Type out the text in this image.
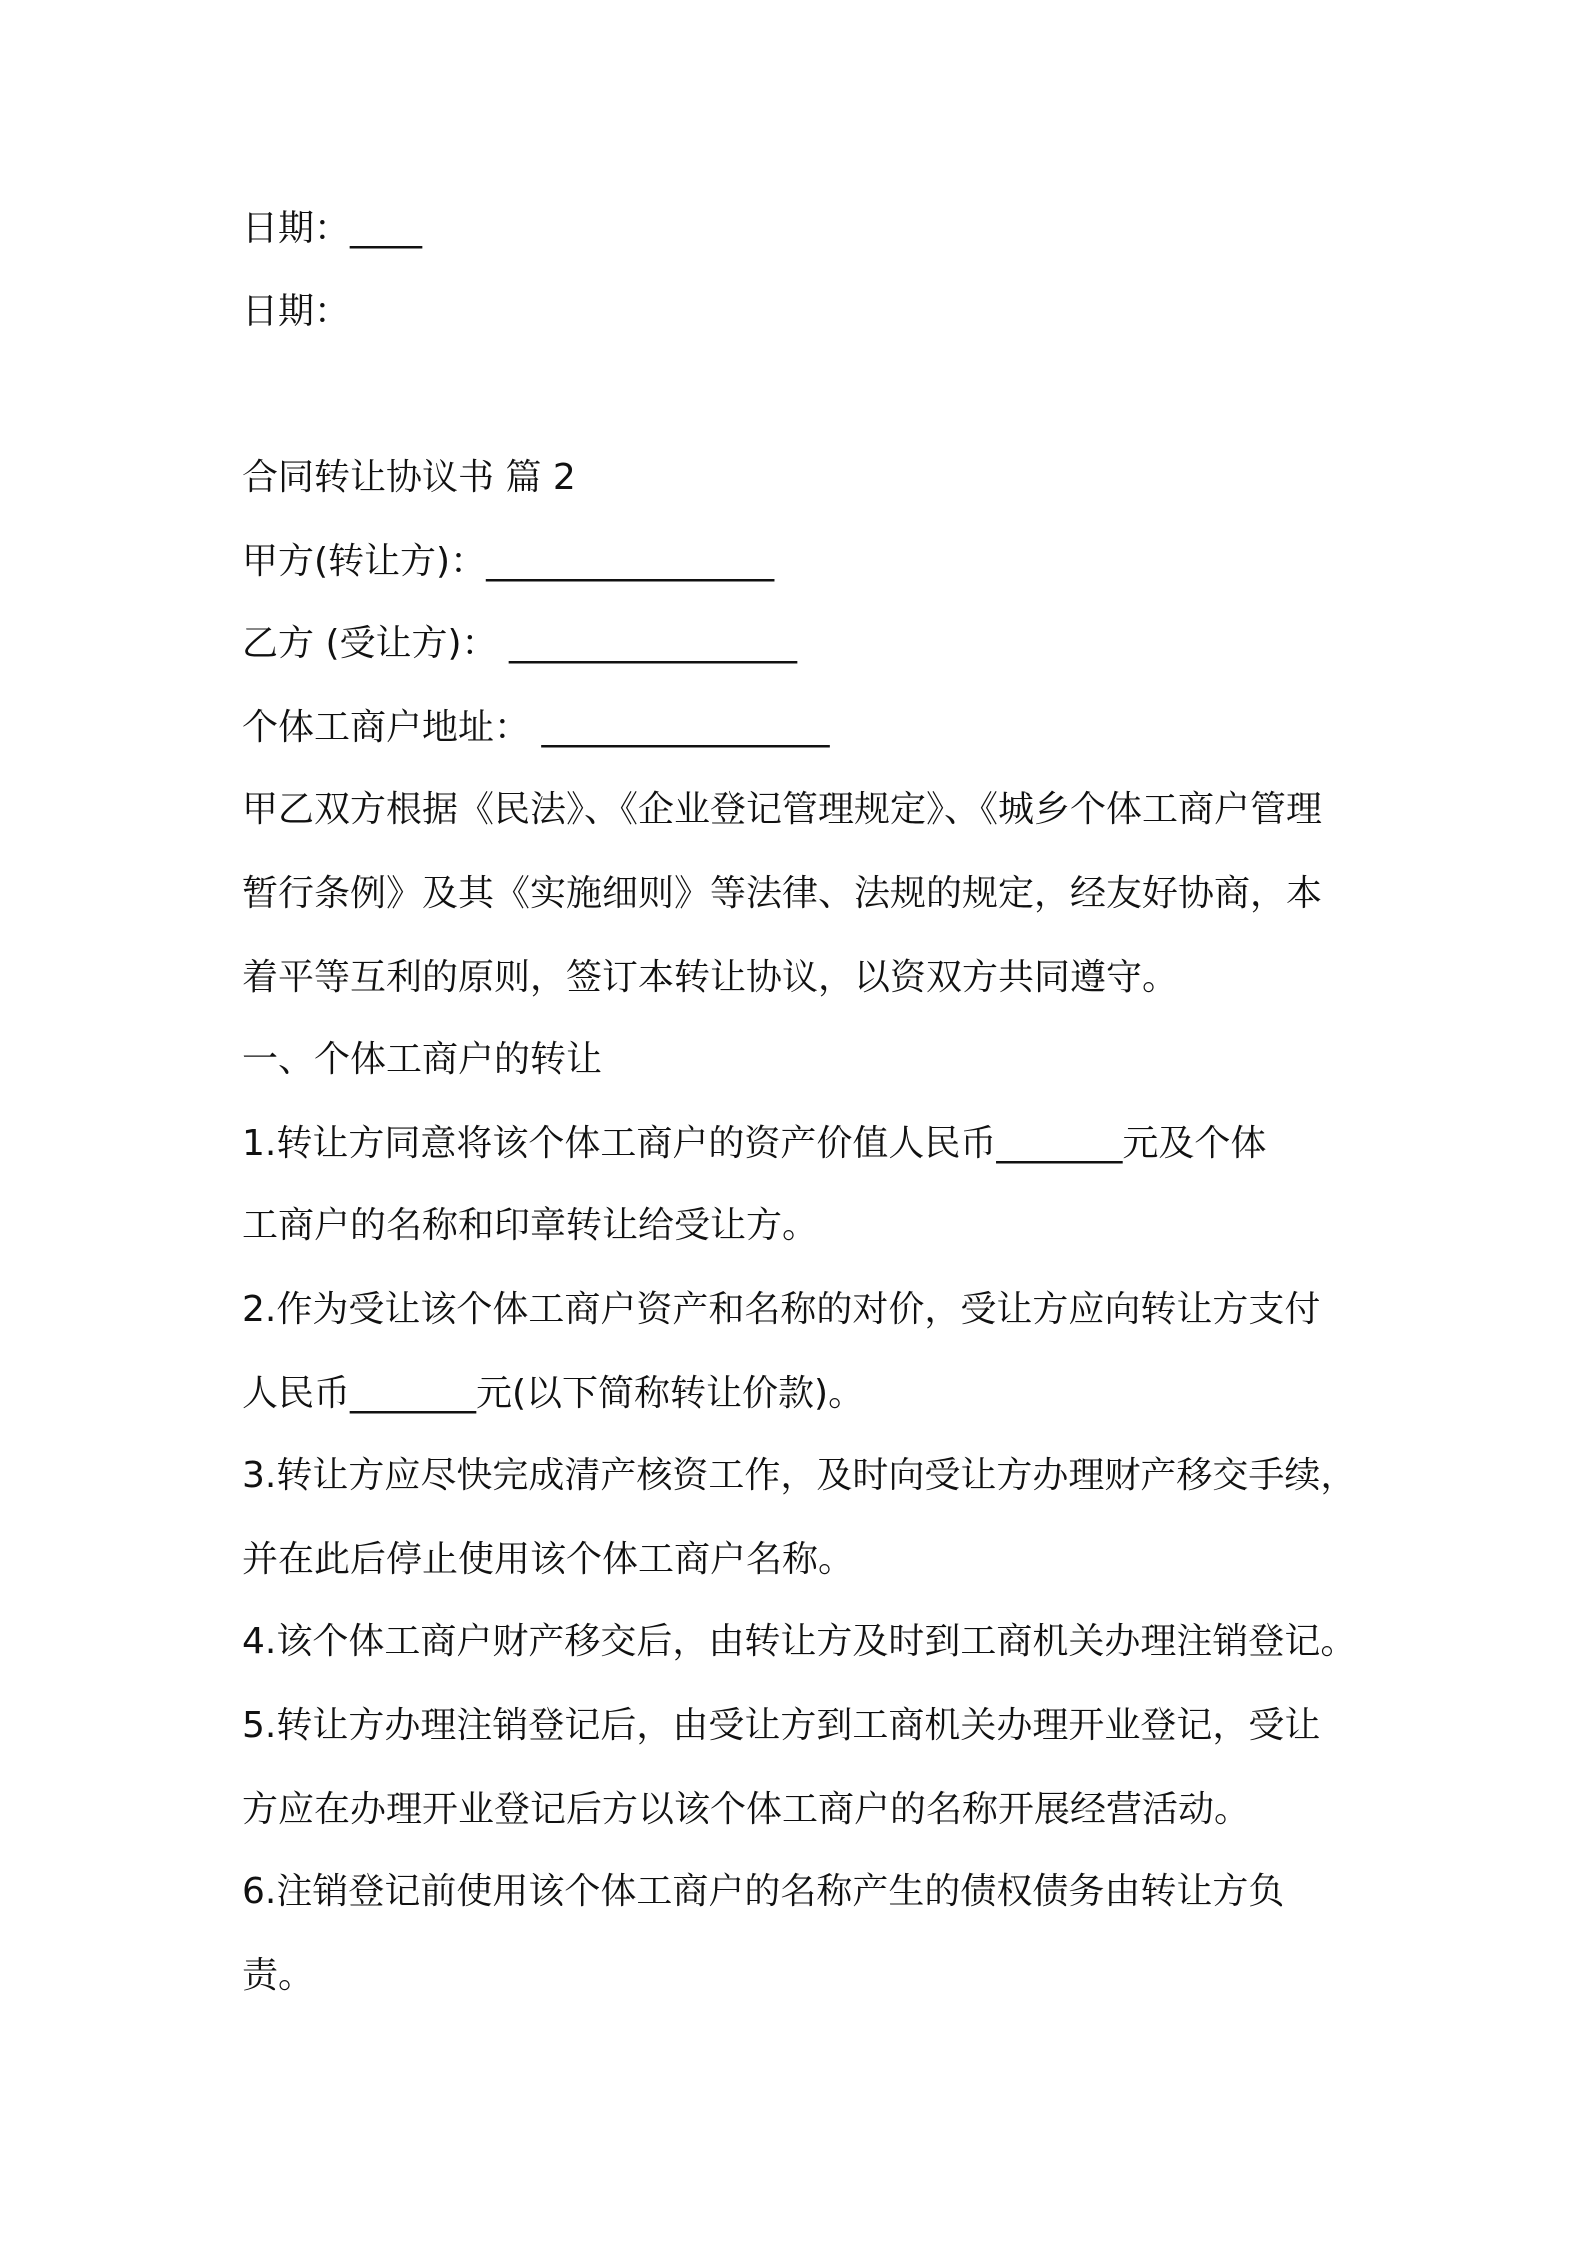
日期：____

日期：

合同转让协议书 篇 2

甲方(转让方)：________________

乙方 (受让方)： ________________

个体工商户地址： ________________

甲乙双方根据《民法》、《企业登记管理规定》、《城乡个体工商户管理

暂行条例》及其《实施细则》等法律、法规的规定，经友好协商，本

着平等互利的原则，签订本转让协议，以资双方共同遵守。

一、个体工商户的转让

1.转让方同意将该个体工商户的资产价值人民币_______元及个体

工商户的名称和印章转让给受让方。

2.作为受让该个体工商户资产和名称的对价，受让方应向转让方支付

人民币_______元(以下简称转让价款)。

3.转让方应尽快完成清产核资工作，及时向受让方办理财产移交手续，

并在此后停止使用该个体工商户名称。

4.该个体工商户财产移交后，由转让方及时到工商机关办理注销登记。

5.转让方办理注销登记后，由受让方到工商机关办理开业登记，受让

方应在办理开业登记后方以该个体工商户的名称开展经营活动。

6.注销登记前使用该个体工商户的名称产生的债权债务由转让方负

责。
